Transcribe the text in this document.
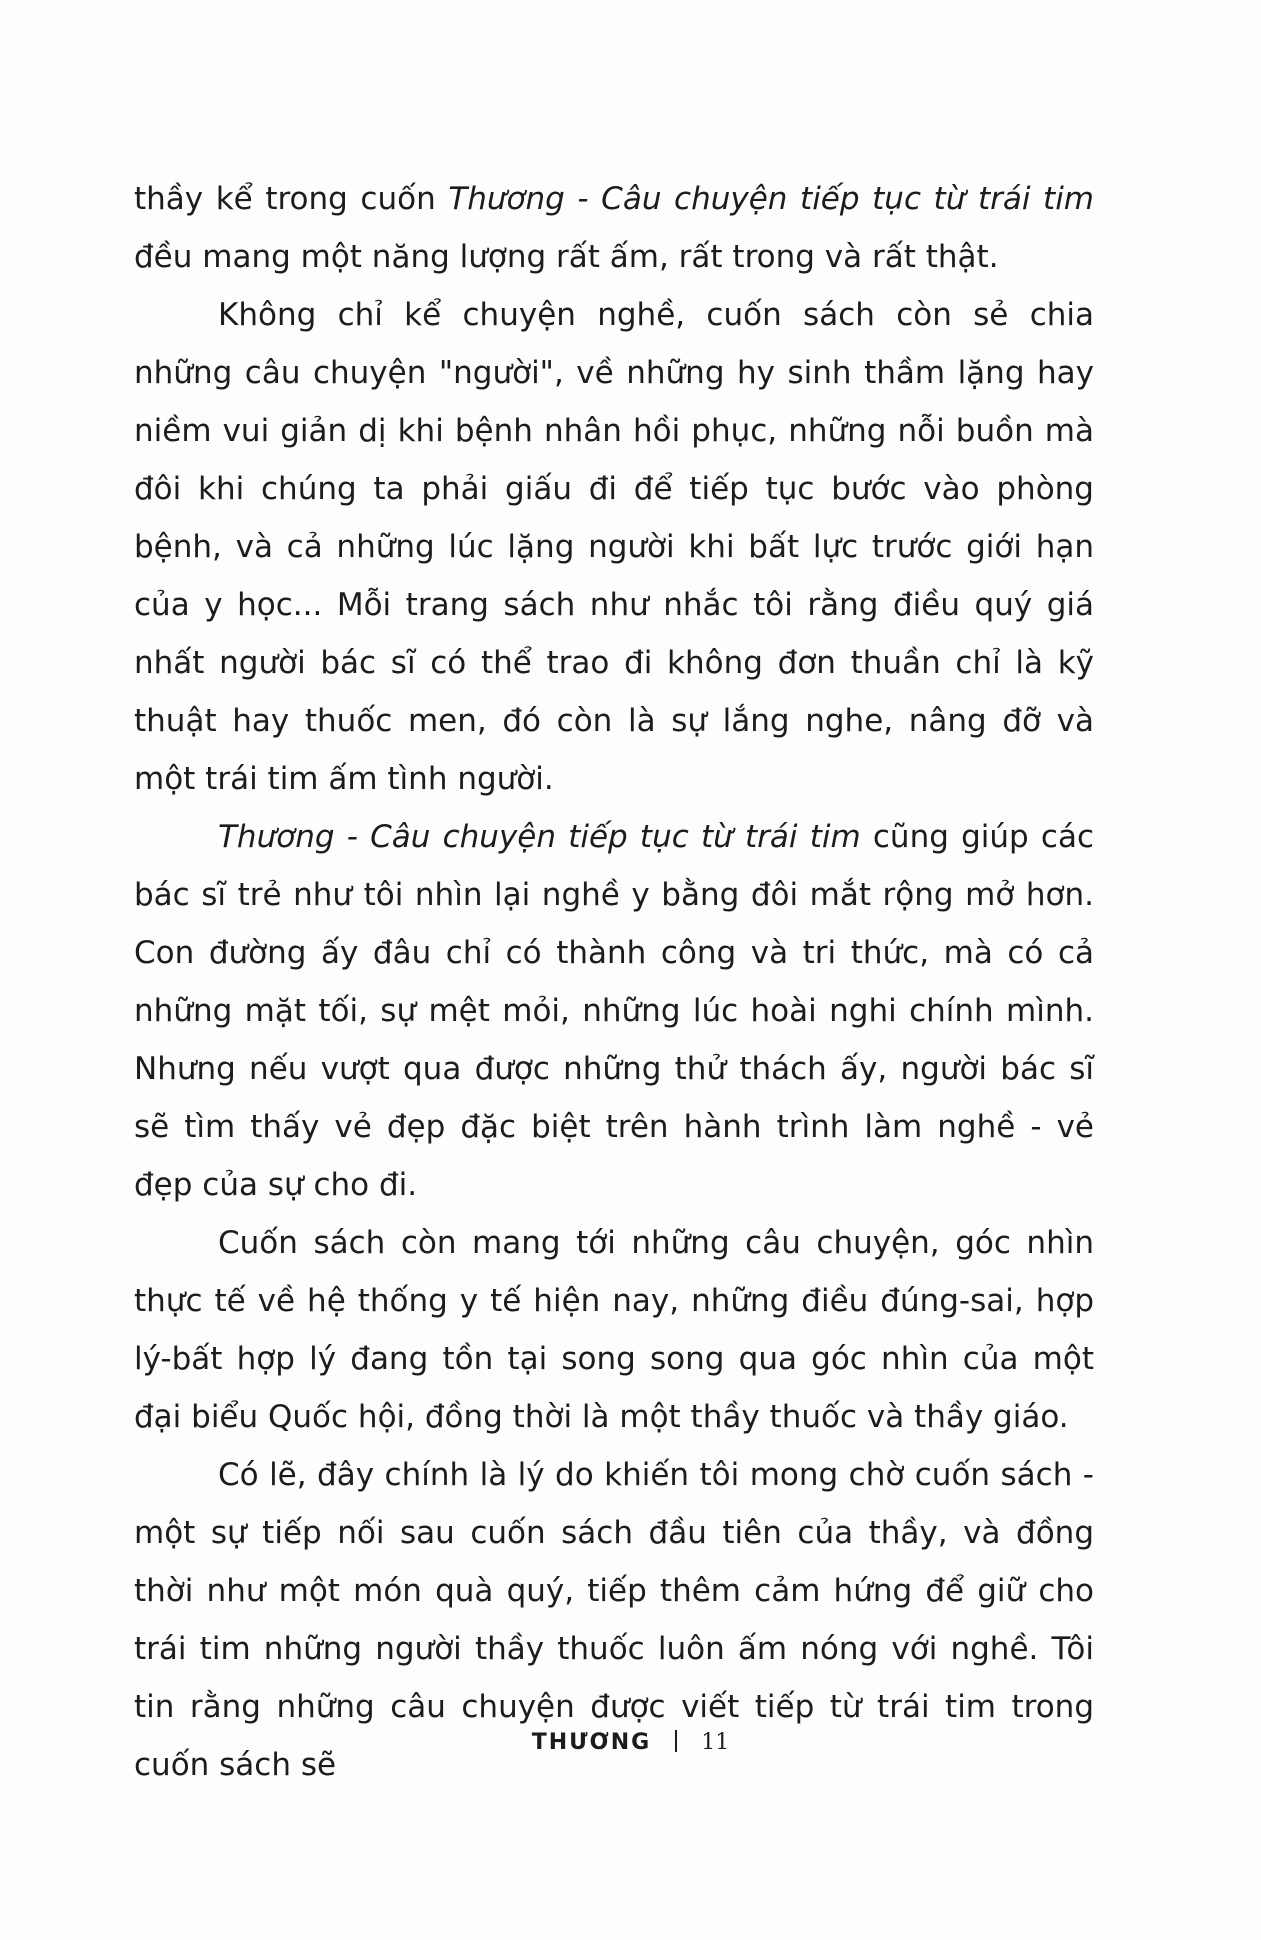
thầy kể trong cuốn Thương - Câu chuyện tiếp tục từ trái tim đều mang một năng lượng rất ấm, rất trong và rất thật.

Không chỉ kể chuyện nghề, cuốn sách còn sẻ chia những câu chuyện "người", về những hy sinh thầm lặng hay niềm vui giản dị khi bệnh nhân hồi phục, những nỗi buồn mà đôi khi chúng ta phải giấu đi để tiếp tục bước vào phòng bệnh, và cả những lúc lặng người khi bất lực trước giới hạn của y học... Mỗi trang sách như nhắc tôi rằng điều quý giá nhất người bác sĩ có thể trao đi không đơn thuần chỉ là kỹ thuật hay thuốc men, đó còn là sự lắng nghe, nâng đỡ và một trái tim ấm tình người.

Thương - Câu chuyện tiếp tục từ trái tim cũng giúp các bác sĩ trẻ như tôi nhìn lại nghề y bằng đôi mắt rộng mở hơn. Con đường ấy đâu chỉ có thành công và tri thức, mà có cả những mặt tối, sự mệt mỏi, những lúc hoài nghi chính mình. Nhưng nếu vượt qua được những thử thách ấy, người bác sĩ sẽ tìm thấy vẻ đẹp đặc biệt trên hành trình làm nghề - vẻ đẹp của sự cho đi.

Cuốn sách còn mang tới những câu chuyện, góc nhìn thực tế về hệ thống y tế hiện nay, những điều đúng-sai, hợp lý-bất hợp lý đang tồn tại song song qua góc nhìn của một đại biểu Quốc hội, đồng thời là một thầy thuốc và thầy giáo.

Có lẽ, đây chính là lý do khiến tôi mong chờ cuốn sách - một sự tiếp nối sau cuốn sách đầu tiên của thầy, và đồng thời như một món quà quý, tiếp thêm cảm hứng để giữ cho trái tim những người thầy thuốc luôn ấm nóng với nghề. Tôi tin rằng những câu chuyện được viết tiếp từ trái tim trong cuốn sách sẽ

THƯƠNG 11
